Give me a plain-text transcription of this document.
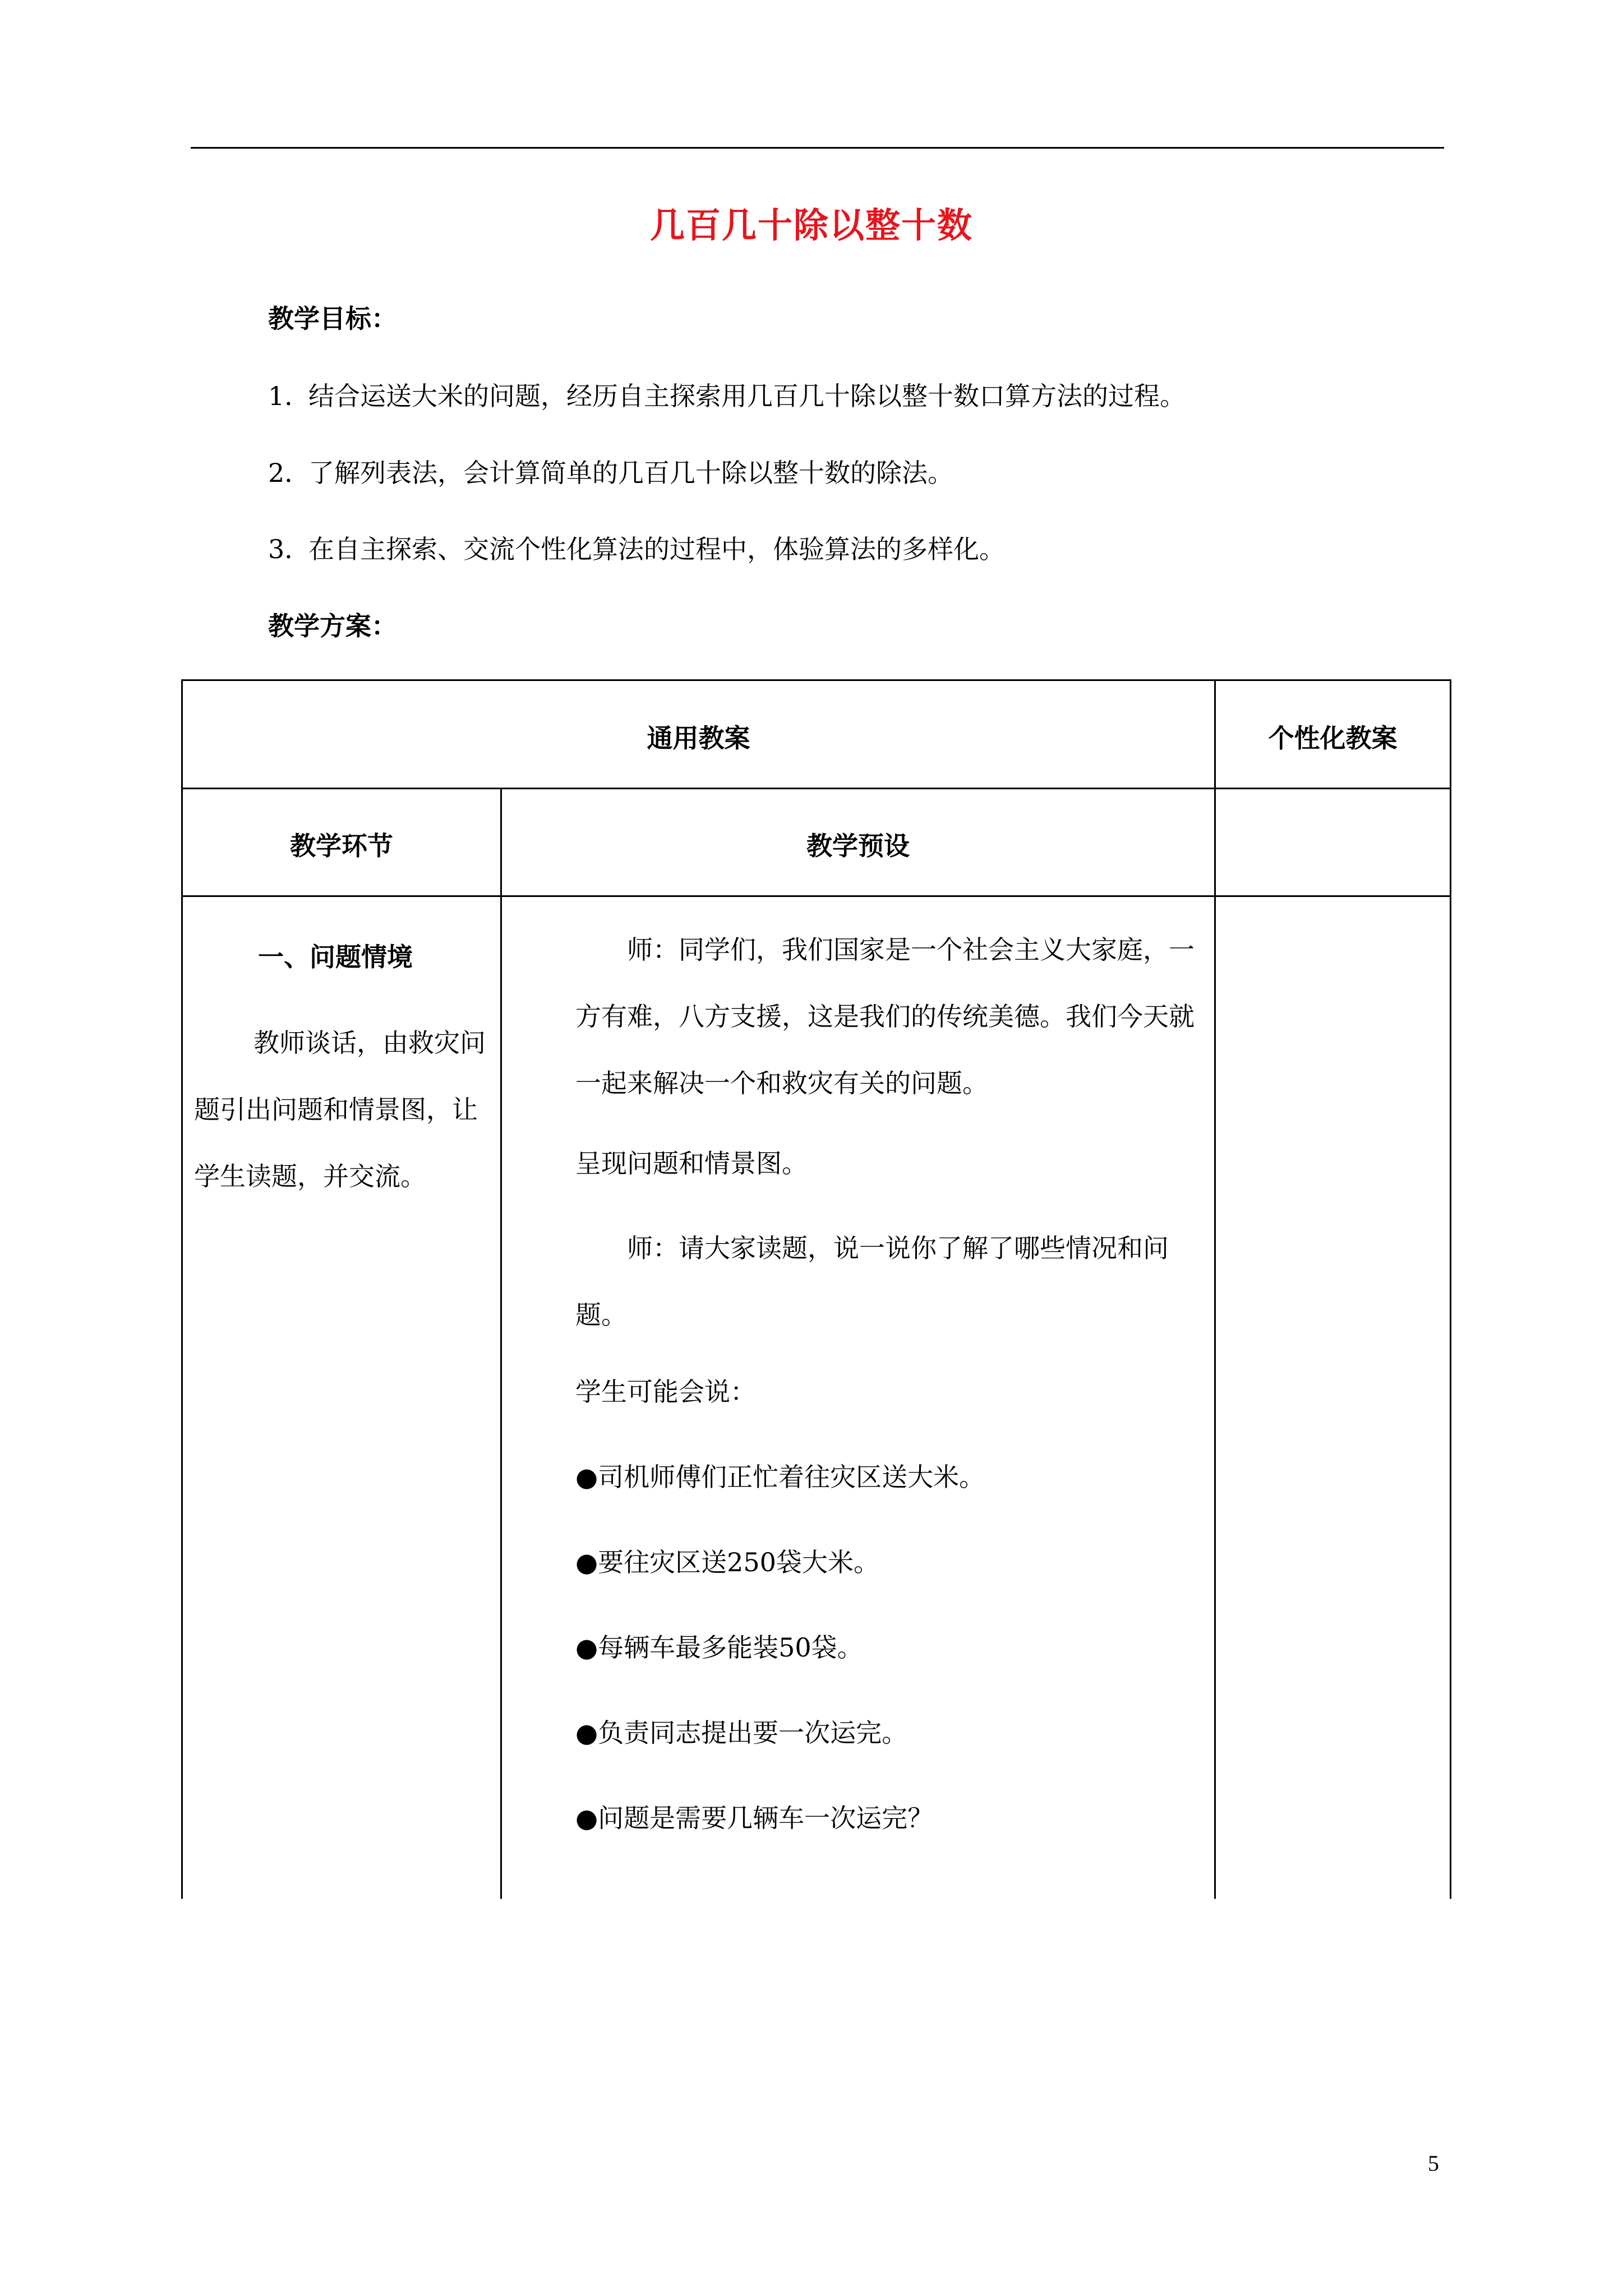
几百几十除以整十数
教学目标：
1．结合运送大米的问题，经历自主探索用几百几十除以整十数口算方法的过程。
2．了解列表法，会计算简单的几百几十除以整十数的除法。
3．在自主探索、交流个性化算法的过程中，体验算法的多样化。
教学方案：
通用教案	个性化教案
教学环节	教学预设
一、问题情境
教师谈话，由救灾问题引出问题和情景图，让学生读题，并交流。
师：同学们，我们国家是一个社会主义大家庭，一方有难，八方支援，这是我们的传统美德。我们今天就一起来解决一个和救灾有关的问题。
呈现问题和情景图。
师：请大家读题，说一说你了解了哪些情况和问题。
学生可能会说：
●司机师傅们正忙着往灾区送大米。
●要往灾区送250袋大米。
●每辆车最多能装50袋。
●负责同志提出要一次运完。
●问题是需要几辆车一次运完？
5
